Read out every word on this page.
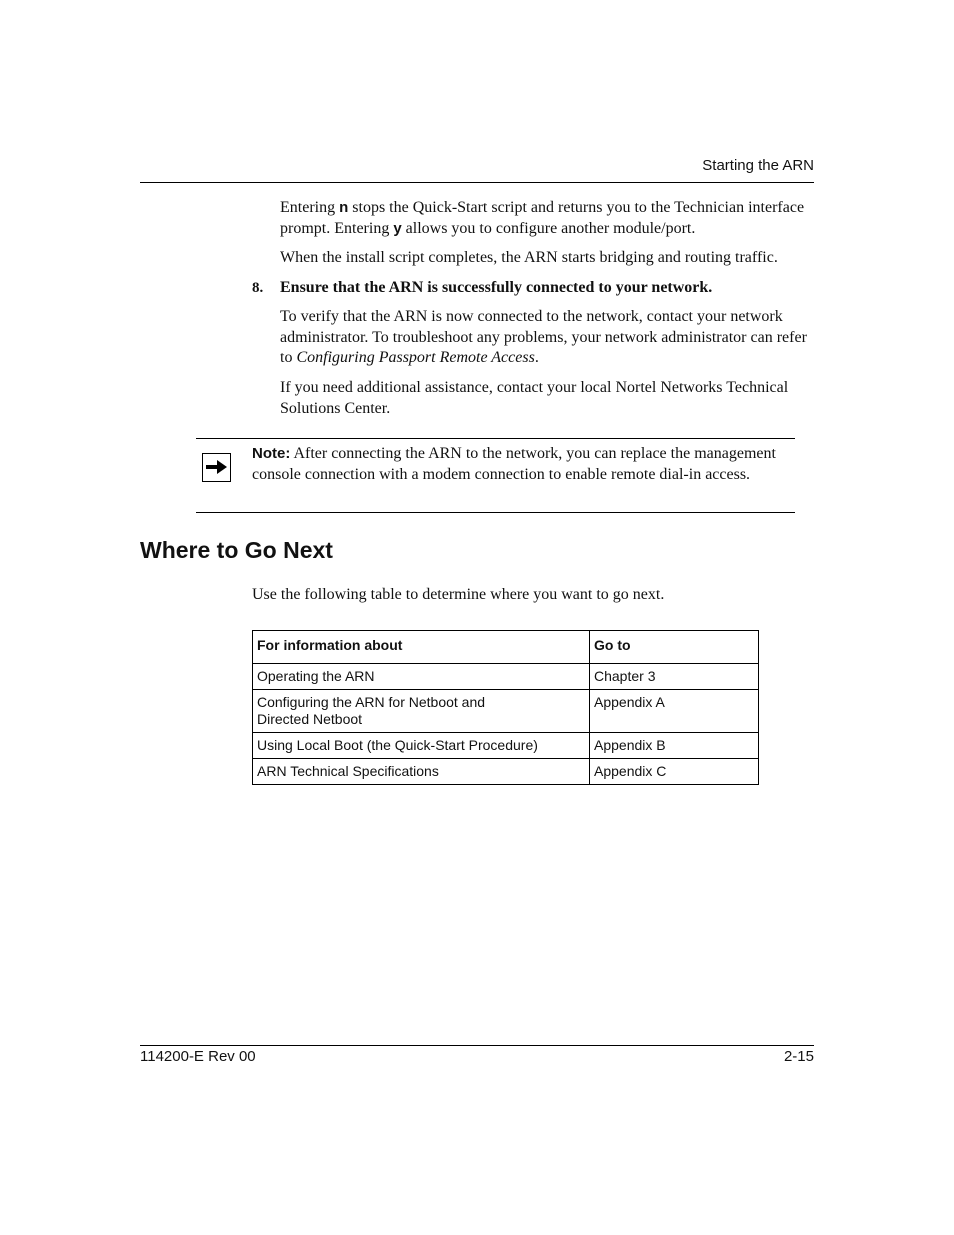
Starting the ARN

Entering n stops the Quick-Start script and returns you to the Technician interface prompt. Entering y allows you to configure another module/port.

When the install script completes, the ARN starts bridging and routing traffic.

8. Ensure that the ARN is successfully connected to your network.

To verify that the ARN is now connected to the network, contact your network administrator. To troubleshoot any problems, your network administrator can refer to Configuring Passport Remote Access.

If you need additional assistance, contact your local Nortel Networks Technical Solutions Center.

Note: After connecting the ARN to the network, you can replace the management console connection with a modem connection to enable remote dial-in access.

Where to Go Next
Use the following table to determine where you want to go next.
For information about	Go to
Operating the ARN	Chapter 3
Configuring the ARN for Netboot and
Directed Netboot	Appendix A
Using Local Boot (the Quick-Start Procedure)	Appendix B
ARN Technical Specifications	Appendix C
114200-E Rev 00	2-15
